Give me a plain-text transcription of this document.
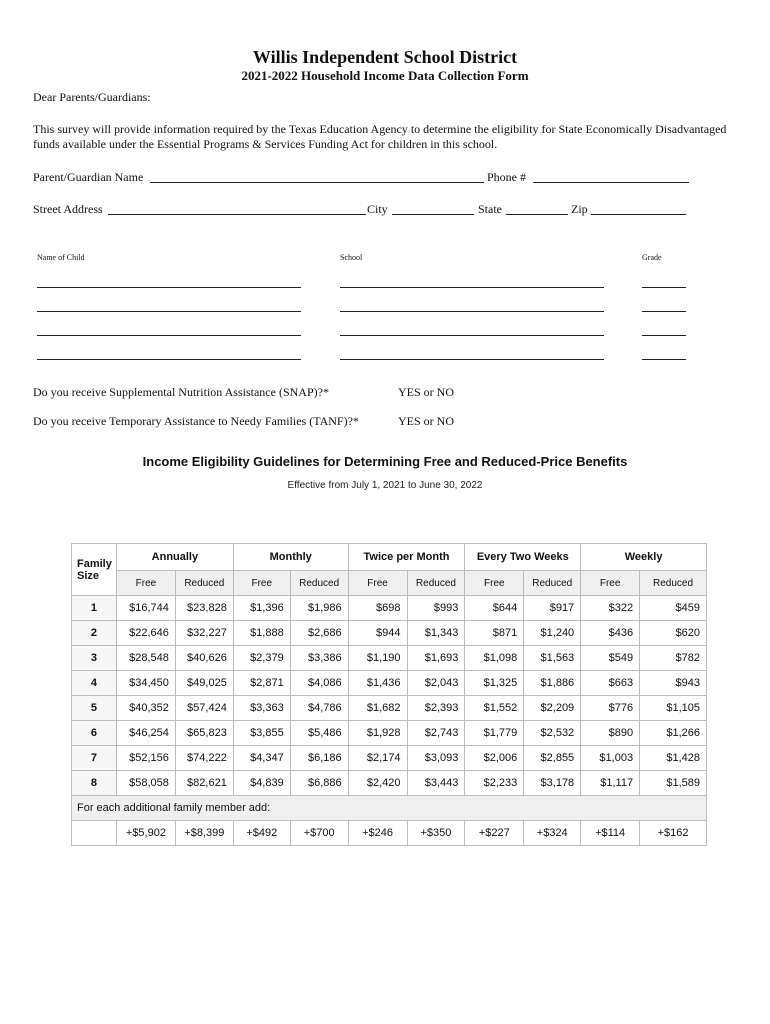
Willis Independent School District
2021-2022 Household Income Data Collection Form
Dear Parents/Guardians:
This survey will provide information required by the Texas Education Agency to determine the eligibility for State Economically Disadvantaged funds available under the Essential Programs & Services Funding Act for children in this school.
Parent/Guardian Name	Phone #
Street Address	City	State	Zip
Name of Child	School	Grade
Do you receive Supplemental Nutrition Assistance (SNAP)?*	YES or NO
Do you receive Temporary Assistance to Needy Families (TANF)?*	YES or NO
Income Eligibility Guidelines for Determining Free and Reduced-Price Benefits
Effective from July 1, 2021 to June 30, 2022
Family Size	Annually		Monthly		Twice per Month		Every Two Weeks		Weekly	
	Free	Reduced	Free	Reduced	Free	Reduced	Free	Reduced	Free	Reduced
1	$16,744	$23,828	$1,396	$1,986	$698	$993	$644	$917	$322	$459
2	$22,646	$32,227	$1,888	$2,686	$944	$1,343	$871	$1,240	$436	$620
3	$28,548	$40,626	$2,379	$3,386	$1,190	$1,693	$1,098	$1,563	$549	$782
4	$34,450	$49,025	$2,871	$4,086	$1,436	$2,043	$1,325	$1,886	$663	$943
5	$40,352	$57,424	$3,363	$4,786	$1,682	$2,393	$1,552	$2,209	$776	$1,105
6	$46,254	$65,823	$3,855	$5,486	$1,928	$2,743	$1,779	$2,532	$890	$1,266
7	$52,156	$74,222	$4,347	$6,186	$2,174	$3,093	$2,006	$2,855	$1,003	$1,428
8	$58,058	$82,621	$4,839	$6,886	$2,420	$3,443	$2,233	$3,178	$1,117	$1,589
For each additional family member add:										
	+$5,902	+$8,399	+$492	+$700	+$246	+$350	+$227	+$324	+$114	+$162
